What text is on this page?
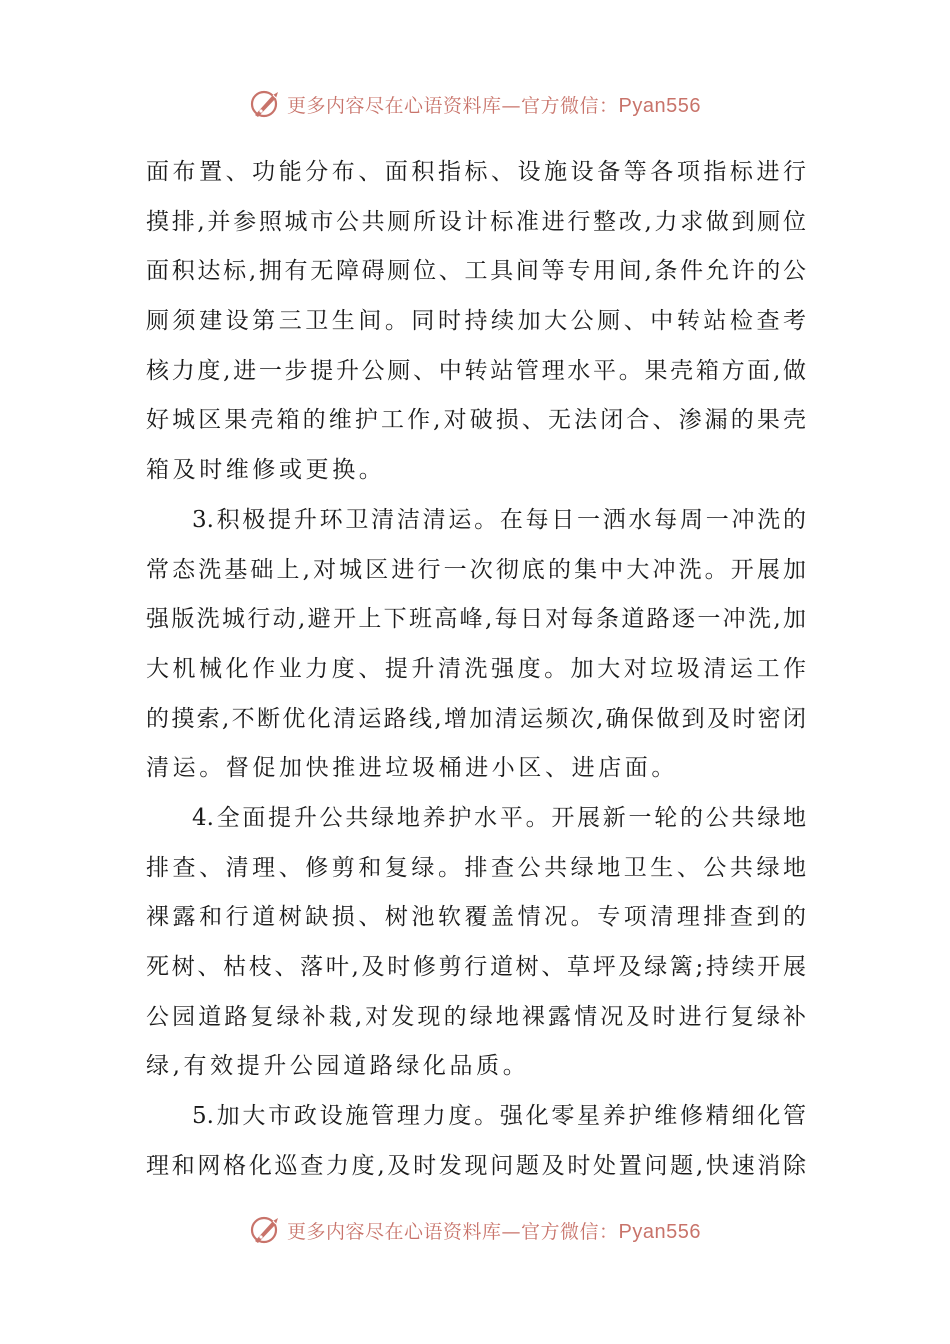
更多内容尽在心语资料库—官方微信：Pyan556
面布置、功能分布、面积指标、设施设备等各项指标进行
摸排,并参照城市公共厕所设计标准进行整改,力求做到厕位
面积达标,拥有无障碍厕位、工具间等专用间,条件允许的公
厕须建设第三卫生间。同时持续加大公厕、中转站检查考
核力度,进一步提升公厕、中转站管理水平。果壳箱方面,做
好城区果壳箱的维护工作,对破损、无法闭合、渗漏的果壳
箱及时维修或更换。
3.积极提升环卫清洁清运。在每日一洒水每周一冲洗的
常态洗基础上,对城区进行一次彻底的集中大冲洗。开展加
强版洗城行动,避开上下班高峰,每日对每条道路逐一冲洗,加
大机械化作业力度、提升清洗强度。加大对垃圾清运工作
的摸索,不断优化清运路线,增加清运频次,确保做到及时密闭
清运。督促加快推进垃圾桶进小区、进店面。
4.全面提升公共绿地养护水平。开展新一轮的公共绿地
排查、清理、修剪和复绿。排查公共绿地卫生、公共绿地
裸露和行道树缺损、树池软覆盖情况。专项清理排查到的
死树、枯枝、落叶,及时修剪行道树、草坪及绿篱;持续开展
公园道路复绿补栽,对发现的绿地裸露情况及时进行复绿补
绿,有效提升公园道路绿化品质。
5.加大市政设施管理力度。强化零星养护维修精细化管
理和网格化巡查力度,及时发现问题及时处置问题,快速消除
更多内容尽在心语资料库—官方微信：Pyan556
